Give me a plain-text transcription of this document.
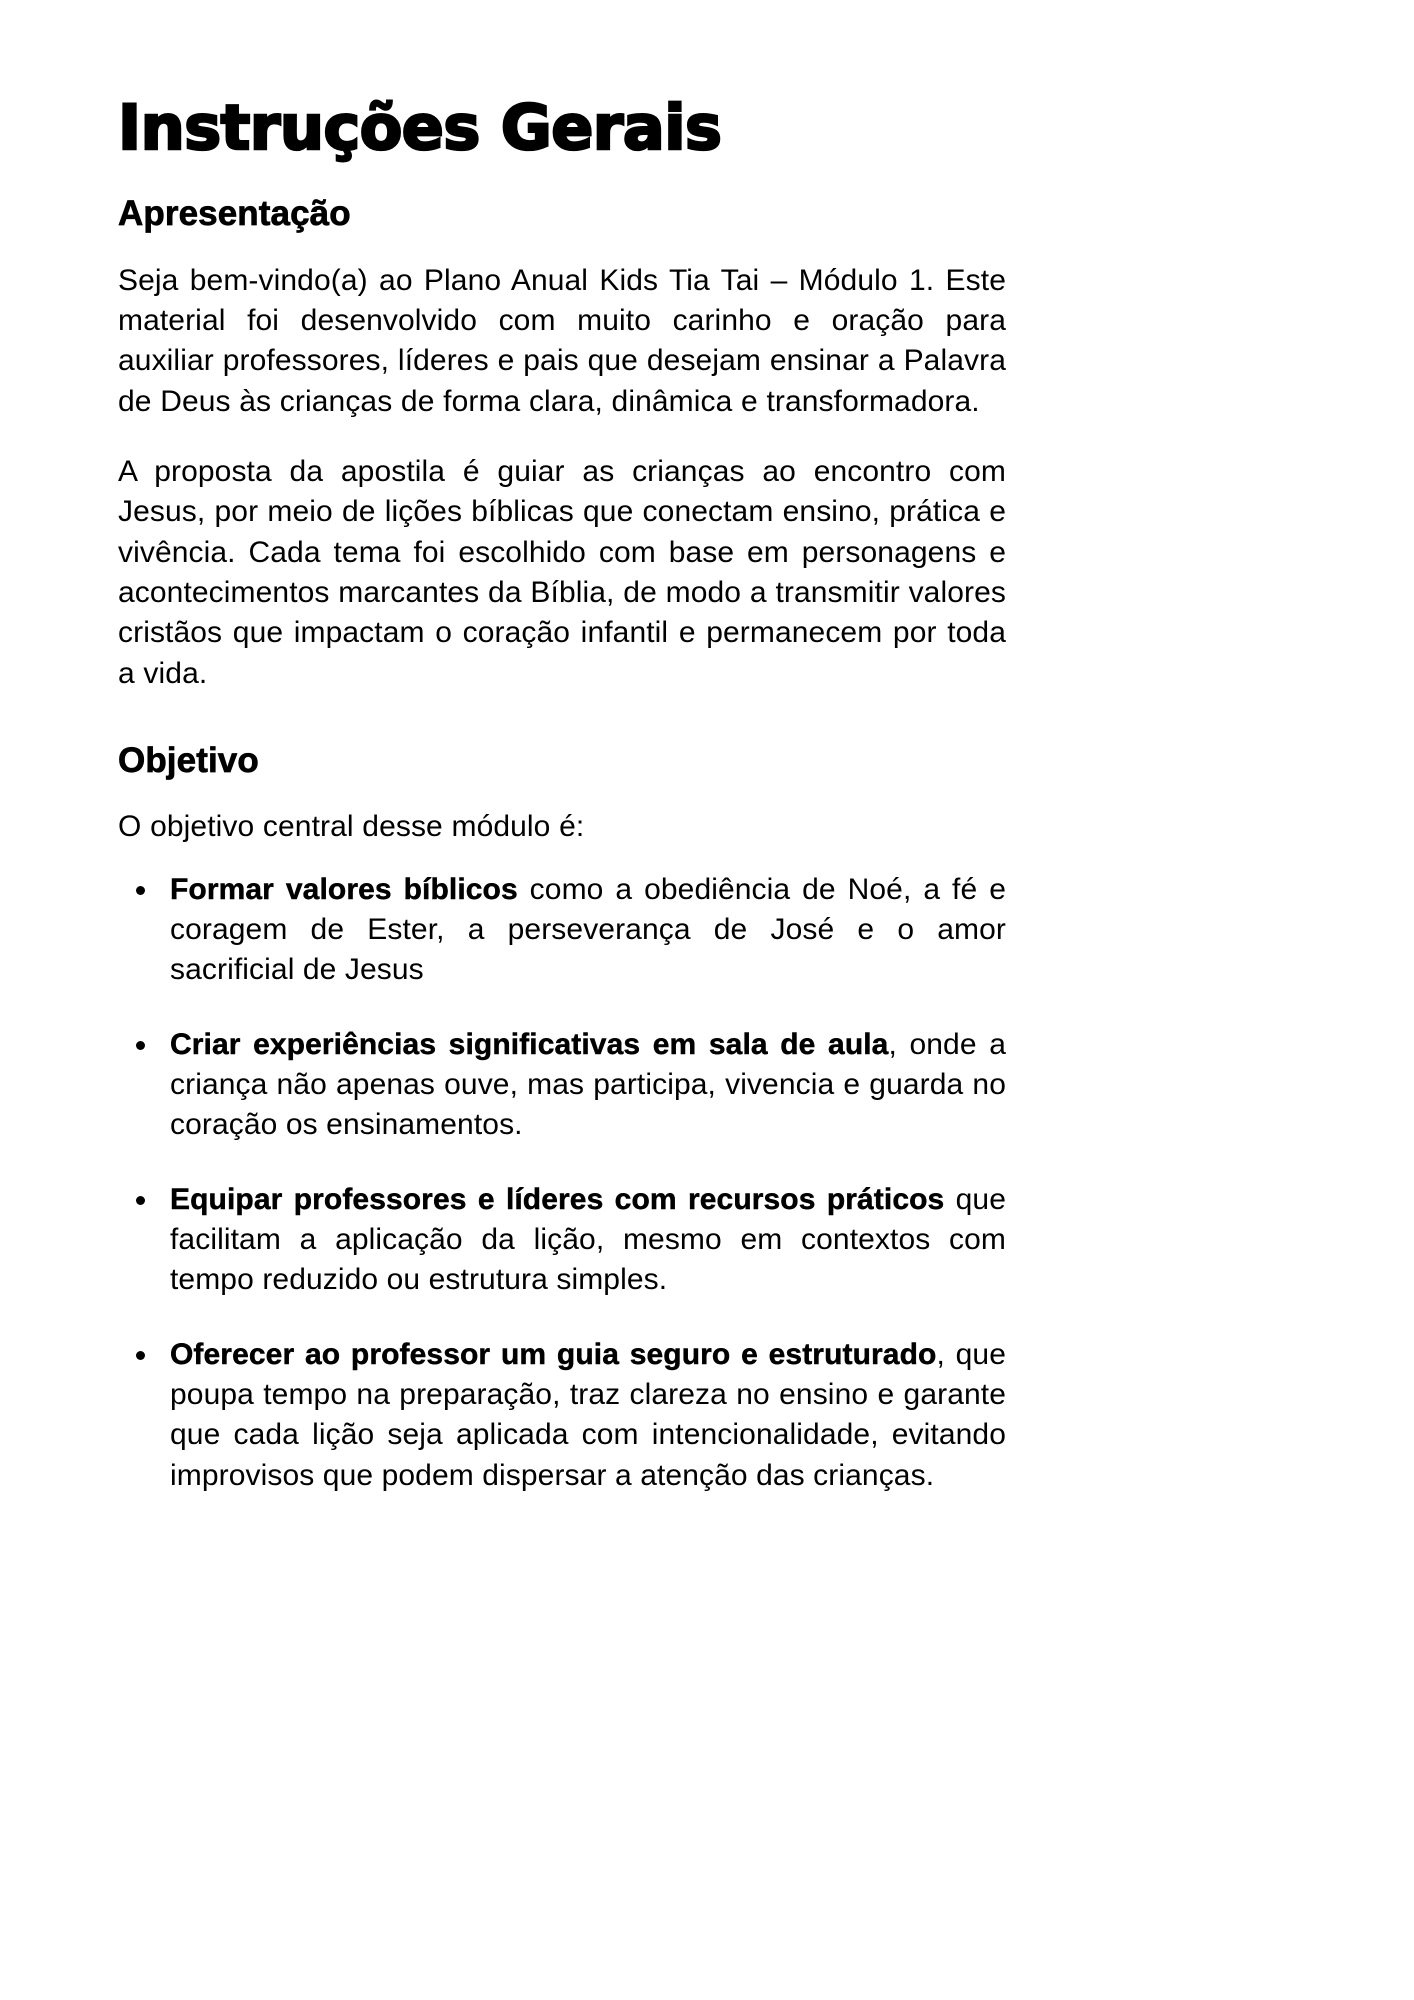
Instruções Gerais
Apresentação

Seja bem-vindo(a) ao Plano Anual Kids Tia Tai – Módulo 1. Este material foi desenvolvido com muito carinho e oração para auxiliar professores, líderes e pais que desejam ensinar a Palavra de Deus às crianças de forma clara, dinâmica e transformadora.

A proposta da apostila é guiar as crianças ao encontro com Jesus, por meio de lições bíblicas que conectam ensino, prática e vivência. Cada tema foi escolhido com base em personagens e acontecimentos marcantes da Bíblia, de modo a transmitir valores cristãos que impactam o coração infantil e permanecem por toda a vida.

Objetivo

O objetivo central desse módulo é:

Formar valores bíblicos como a obediência de Noé, a fé e coragem de Ester, a perseverança de José e o amor sacrificial de Jesus
Criar experiências significativas em sala de aula, onde a criança não apenas ouve, mas participa, vivencia e guarda no coração os ensinamentos.
Equipar professores e líderes com recursos práticos que facilitam a aplicação da lição, mesmo em contextos com tempo reduzido ou estrutura simples.
Oferecer ao professor um guia seguro e estruturado, que poupa tempo na preparação, traz clareza no ensino e garante que cada lição seja aplicada com intencionalidade, evitando improvisos que podem dispersar a atenção das crianças.
